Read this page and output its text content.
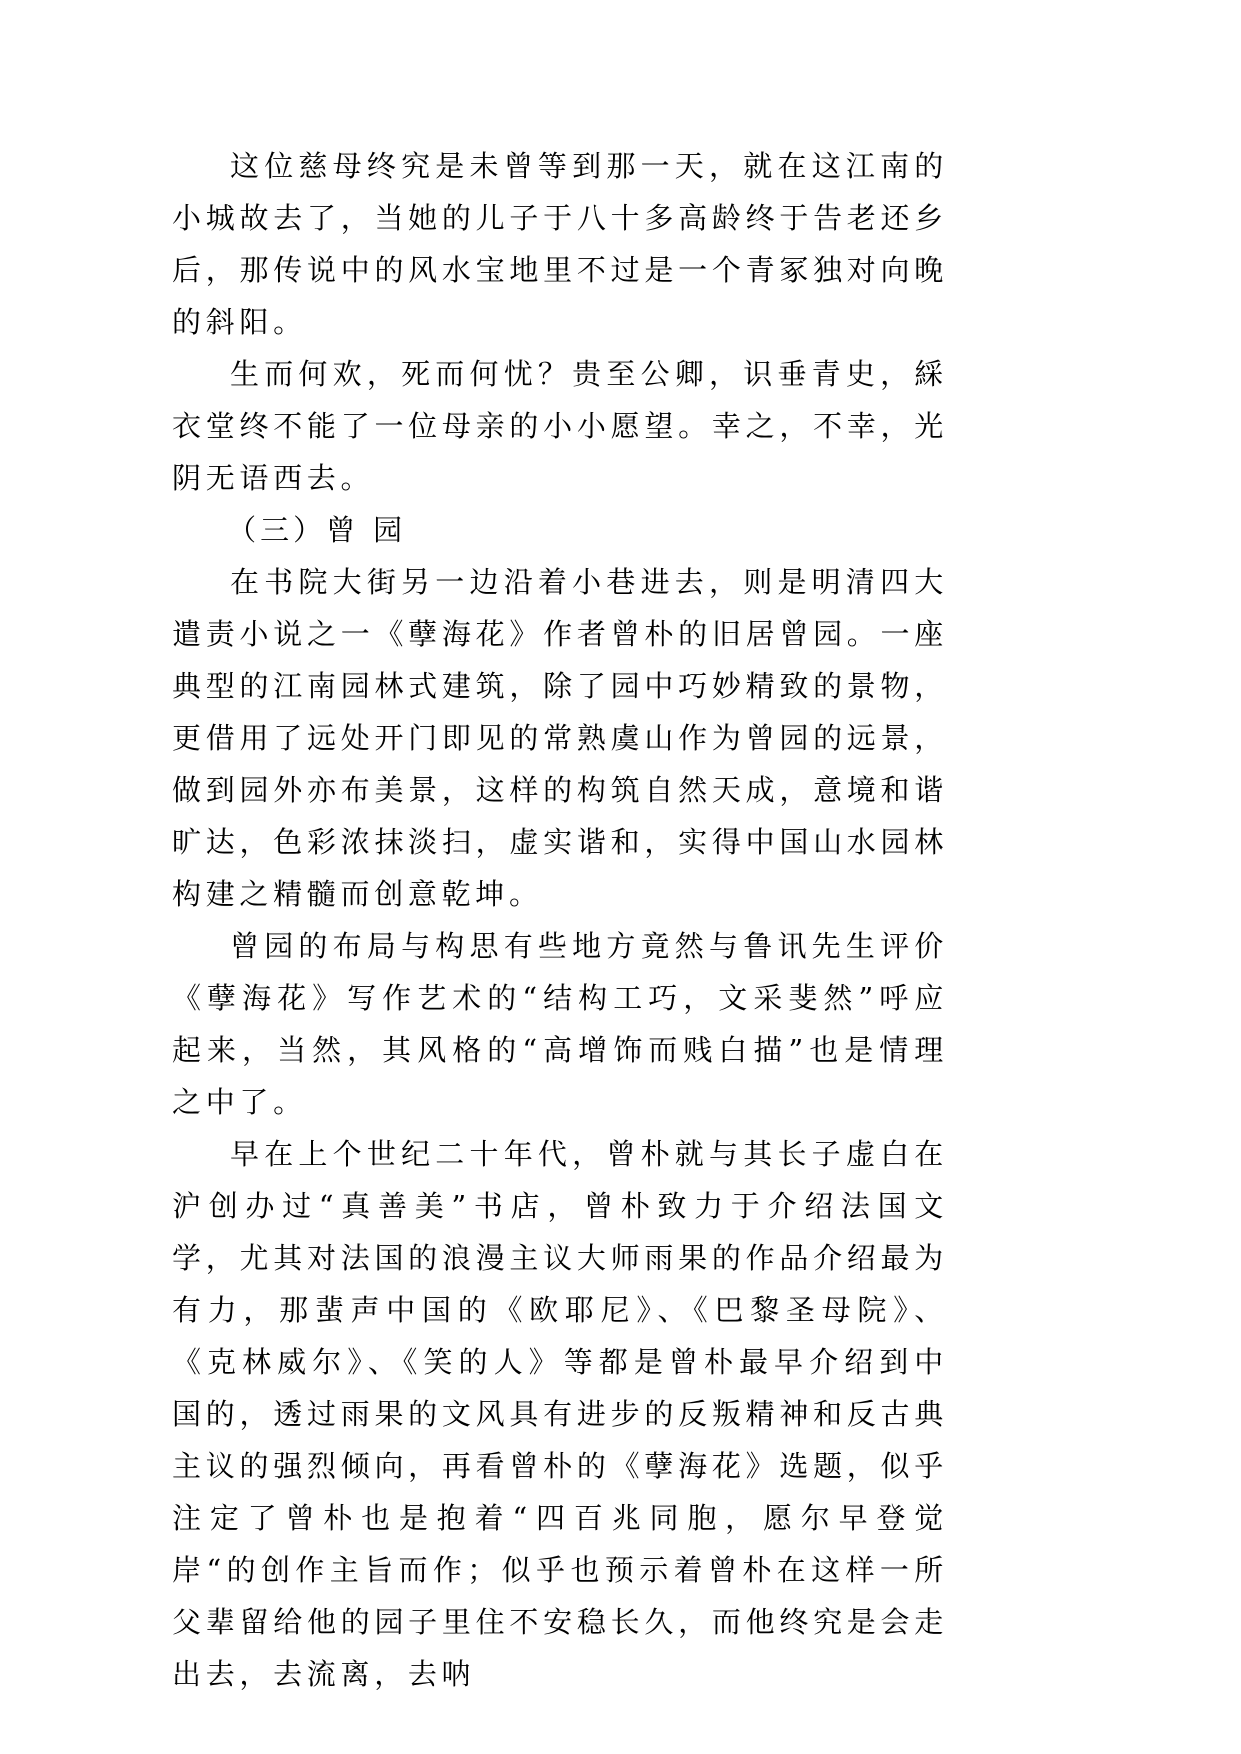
这位慈母终究是未曾等到那一天，就在这江南的小城故去了，当她的儿子于八十多高龄终于告老还乡后，那传说中的风水宝地里不过是一个青冢独对向晚的斜阳。

生而何欢，死而何忧？贵至公卿，识垂青史，綵衣堂终不能了一位母亲的小小愿望。幸之，不幸，光阴无语西去。

（三）曾 园

在书院大街另一边沿着小巷进去，则是明清四大遣责小说之一《孽海花》作者曾朴的旧居曾园。一座典型的江南园林式建筑，除了园中巧妙精致的景物，更借用了远处开门即见的常熟虞山作为曾园的远景，做到园外亦布美景，这样的构筑自然天成，意境和谐旷达，色彩浓抹淡扫，虚实谐和，实得中国山水园林构建之精髓而创意乾坤。

曾园的布局与构思有些地方竟然与鲁讯先生评价《孽海花》写作艺术的“结构工巧，文采斐然”呼应起来，当然，其风格的“高增饰而贱白描”也是情理之中了。

早在上个世纪二十年代，曾朴就与其长子虚白在沪创办过“真善美”书店，曾朴致力于介绍法国文学，尤其对法国的浪漫主议大师雨果的作品介绍最为有力，那蜚声中国的《欧耶尼》、《巴黎圣母院》、《克林威尔》、《笑的人》等都是曾朴最早介绍到中国的，透过雨果的文风具有进步的反叛精神和反古典主议的强烈倾向，再看曾朴的《孽海花》选题，似乎注定了曾朴也是抱着“四百兆同胞，愿尔早登觉岸“的创作主旨而作；似乎也预示着曾朴在这样一所父辈留给他的园子里住不安稳长久，而他终究是会走出去，去流离，去呐
